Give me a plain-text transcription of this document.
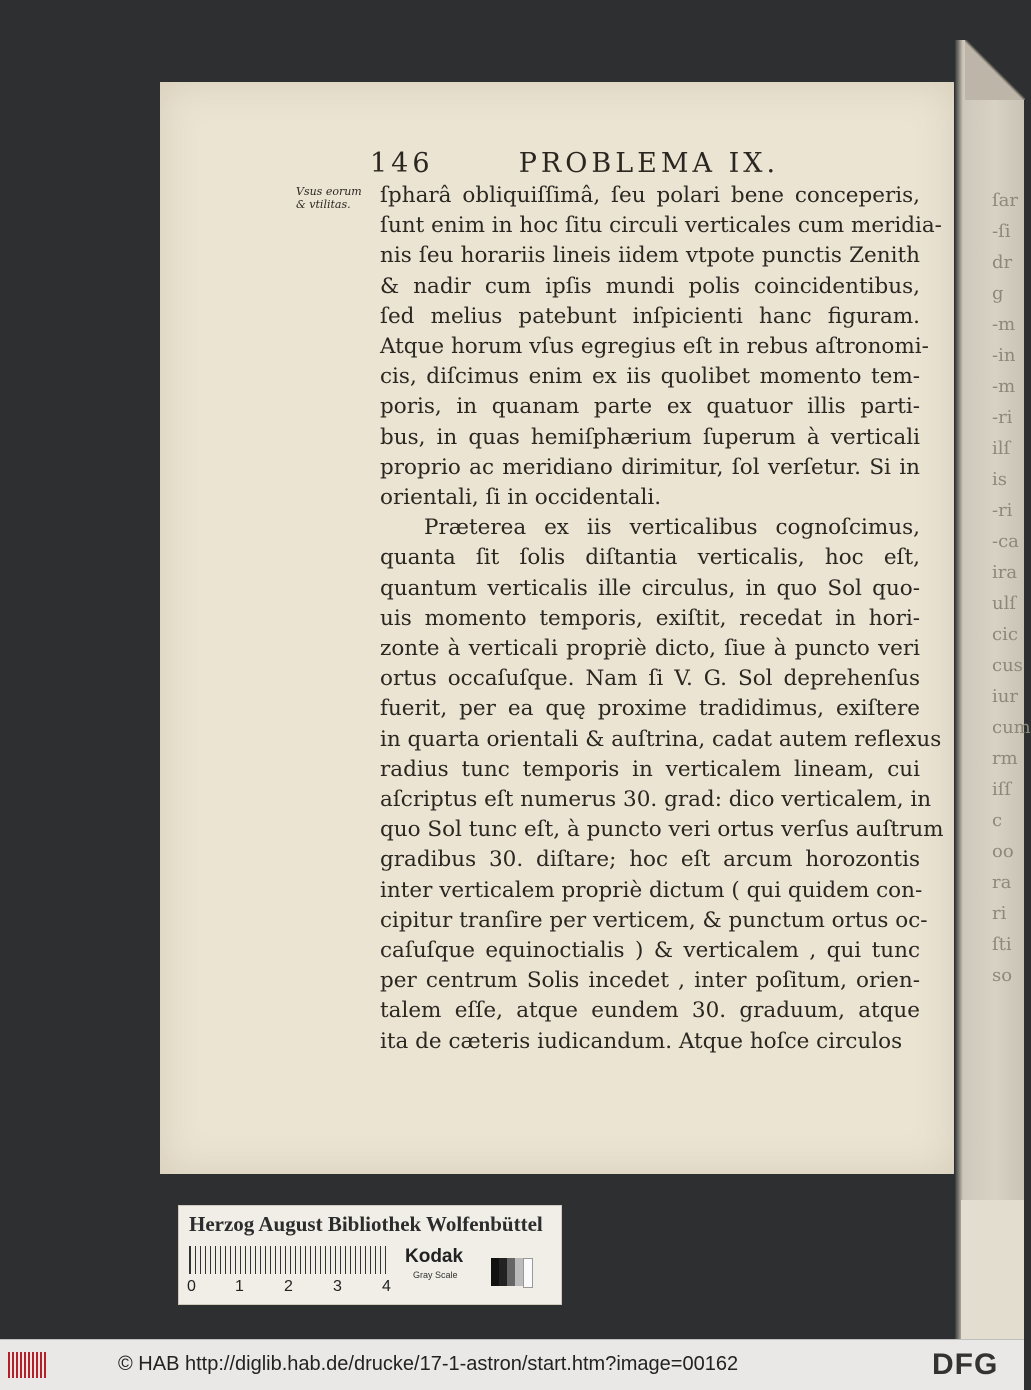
ſar
-ſi
dr
g
-m
-in
-m
-ri
ilſ
is
-ri
-ca
ira
ulſ
cic
cus
iur
cum
rm
iſſ
c
oo
ra
ri
ſti
so
146	PROBLEMA IX.
Vsus eorum
& vtilitas.	ſpharâ obliquiſſimâ, ſeu polari bene conceperis,
ſunt enim in hoc ſitu circuli verticales cum meridia-
nis ſeu horariis lineis iidem vtpote punctis Zenith
& nadir cum ipſis mundi polis coincidentibus,
ſed melius patebunt inſpicienti hanc figuram.
Atque horum vſus egregius eſt in rebus aſtronomi-
cis, diſcimus enim ex iis quolibet momento tem-
poris, in quanam parte ex quatuor illis parti-
bus, in quas hemiſphærium ſuperum à verticali
proprio ac meridiano dirimitur, ſol verſetur. Si in
orientali, ſi in occidentali.
Præterea ex iis verticalibus cognoſcimus,
quanta ſit ſolis diſtantia verticalis, hoc eſt,
quantum verticalis ille circulus, in quo Sol quo-
uis momento temporis, exiſtit, recedat in hori-
zonte à verticali propriè dicto, ſiue à puncto veri
ortus occaſuſque. Nam ſi V. G. Sol deprehenſus
fuerit, per ea quę proxime tradidimus, exiſtere
in quarta orientali & auſtrina, cadat autem reflexus
radius tunc temporis in verticalem lineam, cui
aſcriptus eſt numerus 30. grad: dico verticalem, in
quo Sol tunc eſt, à puncto veri ortus verſus auſtrum
gradibus 30. diſtare; hoc eſt arcum horozontis
inter verticalem propriè dictum ( qui quidem con-
cipitur tranſire per verticem, & punctum ortus oc-
caſuſque equinoctialis ) & verticalem , qui tunc
per centrum Solis incedet , inter poſitum, orien-
talem eſſe, atque eundem 30. graduum, atque
ita de cæteris iudicandum. Atque hoſce circulos
Herzog August Bibliothek Wolfenbüttel
0 1	2	3	4
Kodak
Gray Scale
© HAB http://diglib.hab.de/drucke/17-1-astron/start.htm?image=00162	DFG
